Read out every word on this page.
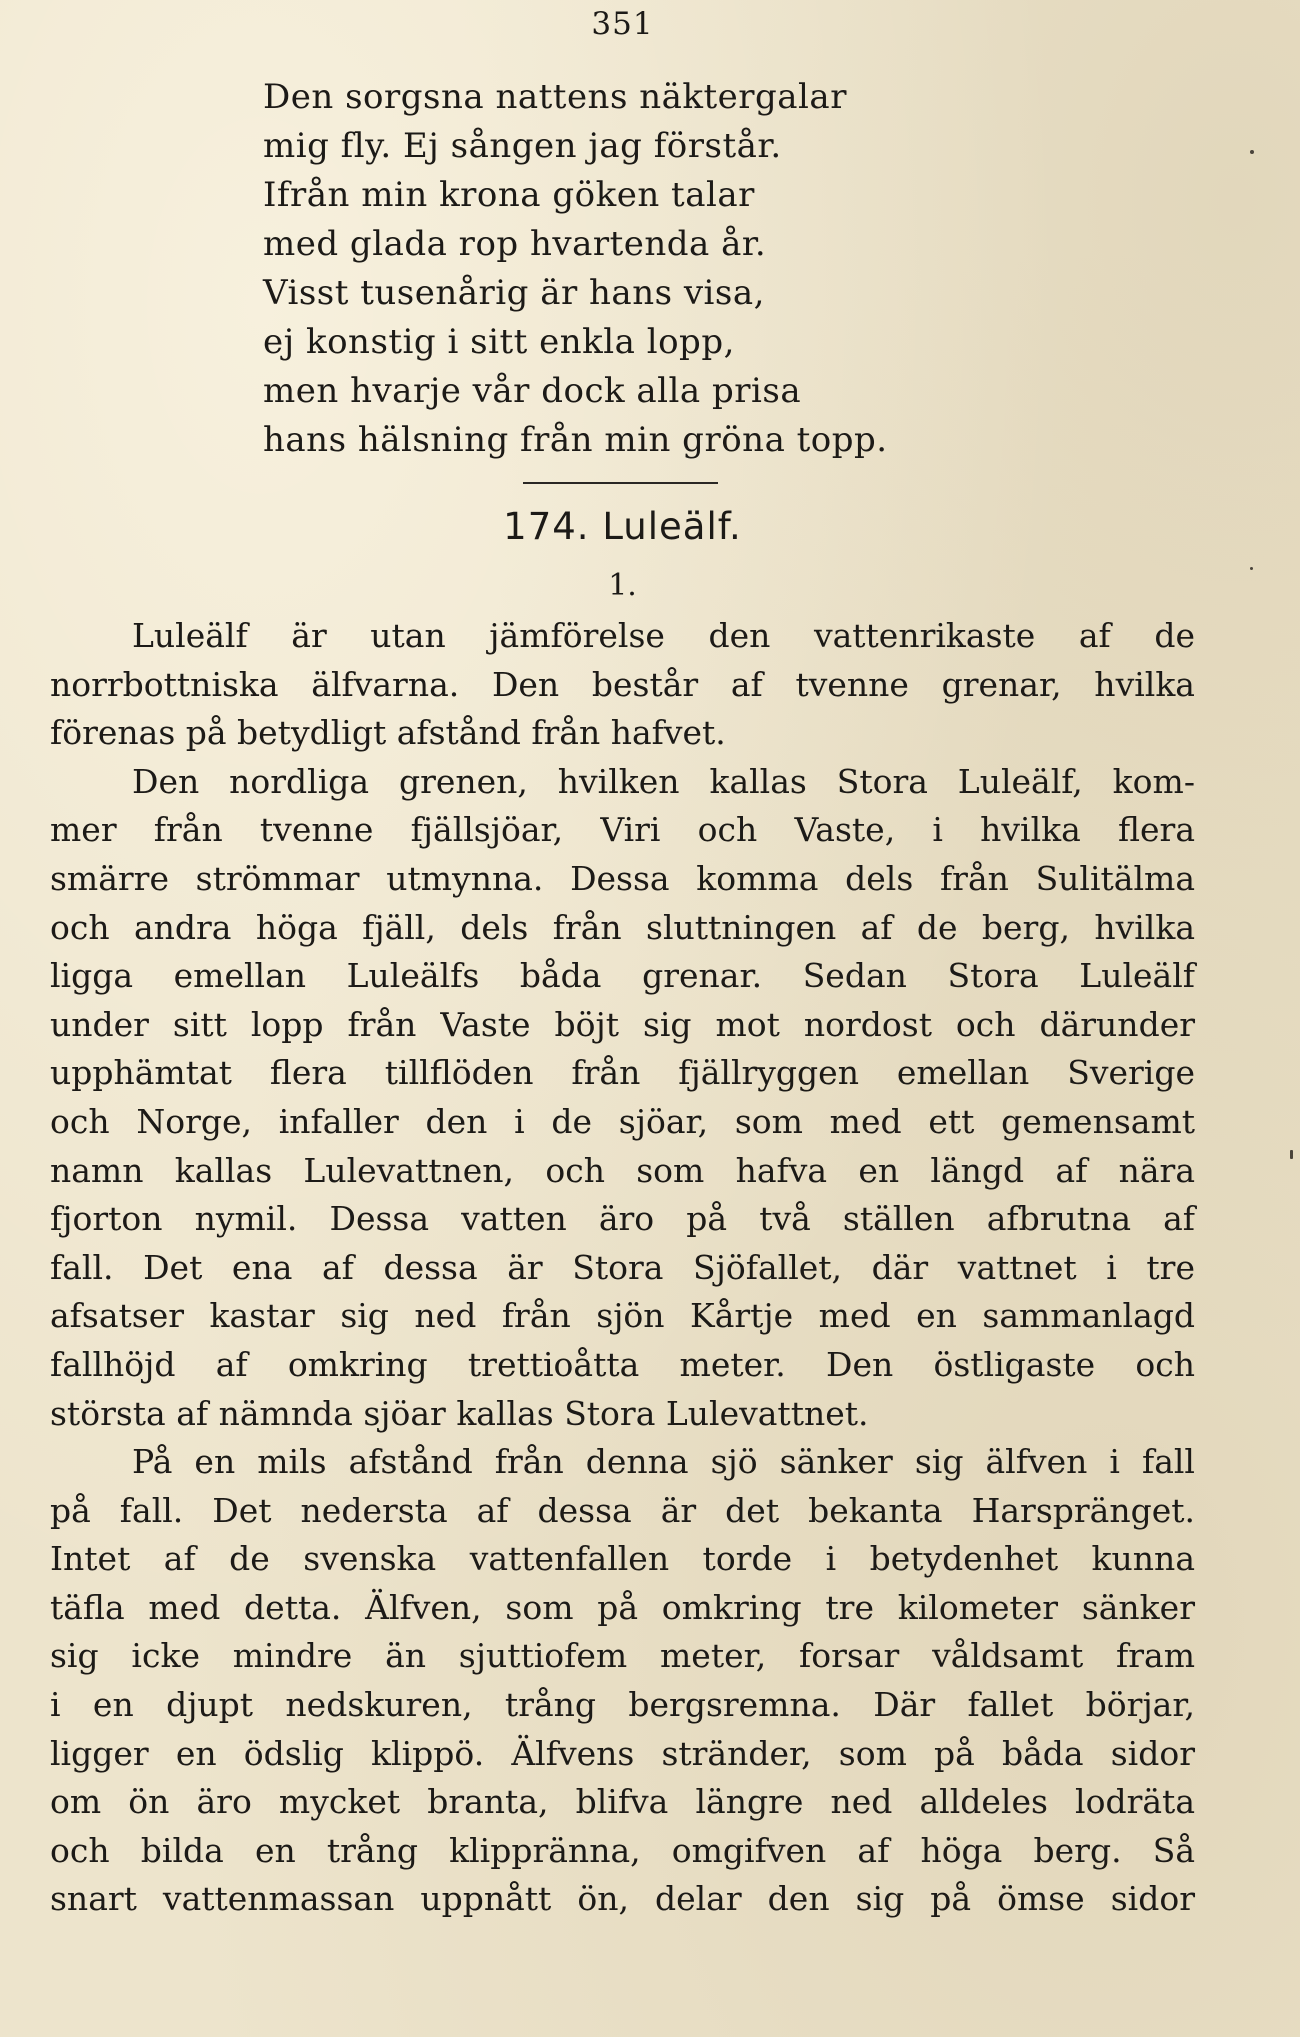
351
Den sorgsna nattens näktergalar
mig fly. Ej sången jag förstår.
Ifrån min krona göken talar
med glada rop hvartenda år.
Visst tusenårig är hans visa,
ej konstig i sitt enkla lopp,
men hvarje vår dock alla prisa
hans hälsning från min gröna topp.
174. Luleälf.
1.
Luleälf är utan jämförelse den vattenrikaste af de
norrbottniska älfvarna. Den består af tvenne grenar, hvilka
förenas på betydligt afstånd från hafvet.
Den nordliga grenen, hvilken kallas Stora Luleälf, kom-
mer från tvenne fjällsjöar, Viri och Vaste, i hvilka flera
smärre strömmar utmynna. Dessa komma dels från Sulitälma
och andra höga fjäll, dels från sluttningen af de berg, hvilka
ligga emellan Luleälfs båda grenar. Sedan Stora Luleälf
under sitt lopp från Vaste böjt sig mot nordost och därunder
upphämtat flera tillflöden från fjällryggen emellan Sverige
och Norge, infaller den i de sjöar, som med ett gemensamt
namn kallas Lulevattnen, och som hafva en längd af nära
fjorton nymil. Dessa vatten äro på två ställen afbrutna af
fall. Det ena af dessa är Stora Sjöfallet, där vattnet i tre
afsatser kastar sig ned från sjön Kårtje med en sammanlagd
fallhöjd af omkring trettioåtta meter. Den östligaste och
största af nämnda sjöar kallas Stora Lulevattnet.
På en mils afstånd från denna sjö sänker sig älfven i fall
på fall. Det nedersta af dessa är det bekanta Harspränget.
Intet af de svenska vattenfallen torde i betydenhet kunna
täfla med detta. Älfven, som på omkring tre kilometer sänker
sig icke mindre än sjuttiofem meter, forsar våldsamt fram
i en djupt nedskuren, trång bergsremna. Där fallet börjar,
ligger en ödslig klippö. Älfvens stränder, som på båda sidor
om ön äro mycket branta, blifva längre ned alldeles lodräta
och bilda en trång klippränna, omgifven af höga berg. Så
snart vattenmassan uppnått ön, delar den sig på ömse sidor
